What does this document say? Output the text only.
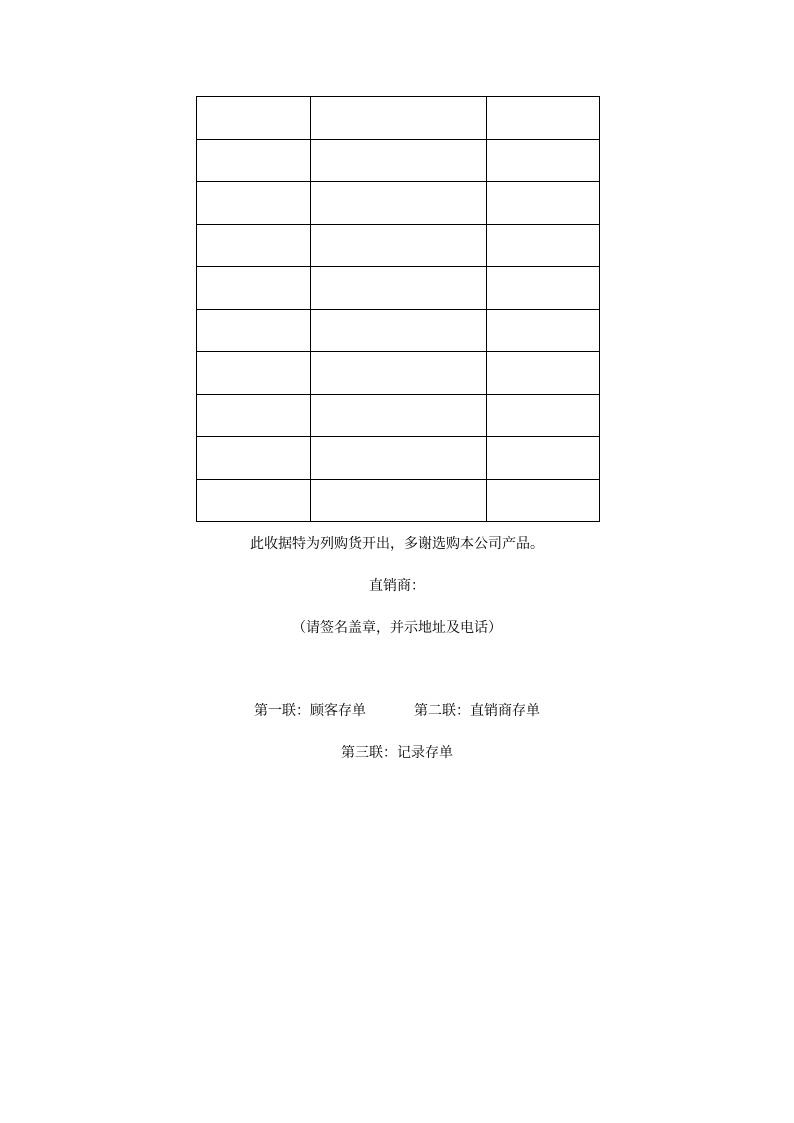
此收据特为列购货开出，多谢选购本公司产品。
直销商：
（请签名盖章，并示地址及电话）
第一联：顾客存单	第二联：直销商存单
第三联：记录存单
